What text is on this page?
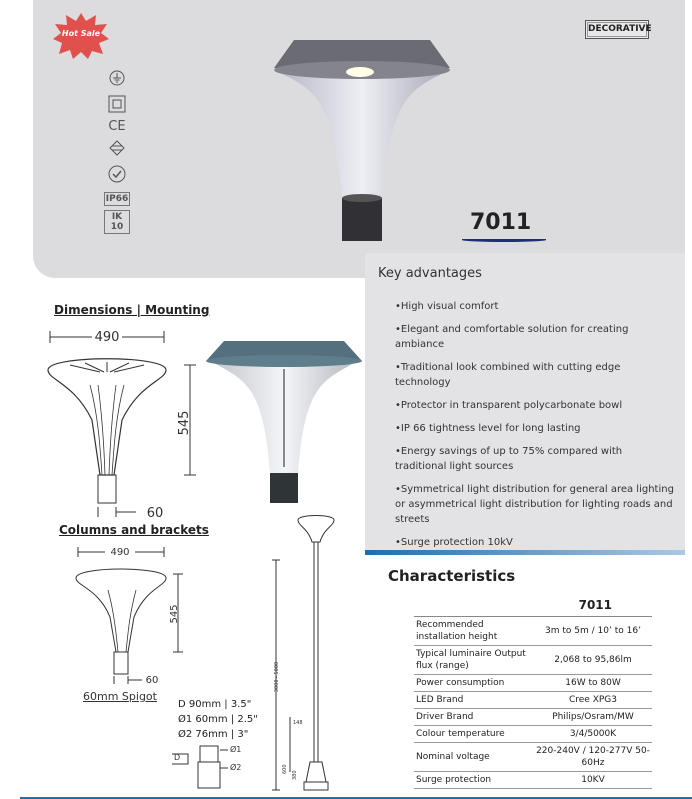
Hot Sale
CE
IP66
IK 10
DECORATIVE
7011
Key advantages
• High visual comfort
• Elegant and comfortable solution for creating ambiance
• Traditional look combined with cutting edge technology
• Protector in transparent polycarbonate bowl
• IP 66 tightness level for long lasting
• Energy savings of up to 75% compared with traditional light sources
• Symmetrical light distribution for general area lighting or asymmetrical light distribution for lighting roads and streets
• Surge protection 10kV
Dimensions | Mounting
490
545
60
Columns and brackets
490
545
60
60mm Spigot
D 90mm | 3.5"
Ø1 60mm | 2.5"
Ø2 76mm | 3"
Ø1
Ø2
D
3000 - 5000
148
380
600
Characteristics
7011	
Recommended installation height	3m to 5m / 10’ to 16’
Typical luminaire Output flux (range)	2,068 to 95,86lm
Power consumption	16W to 80W
LED Brand	Cree XPG3
Driver Brand	Philips/Osram/MW
Colour temperature	3/4/5000K
Nominal voltage	220-240V / 120-277V 50-60Hz
Surge protection	10KV
